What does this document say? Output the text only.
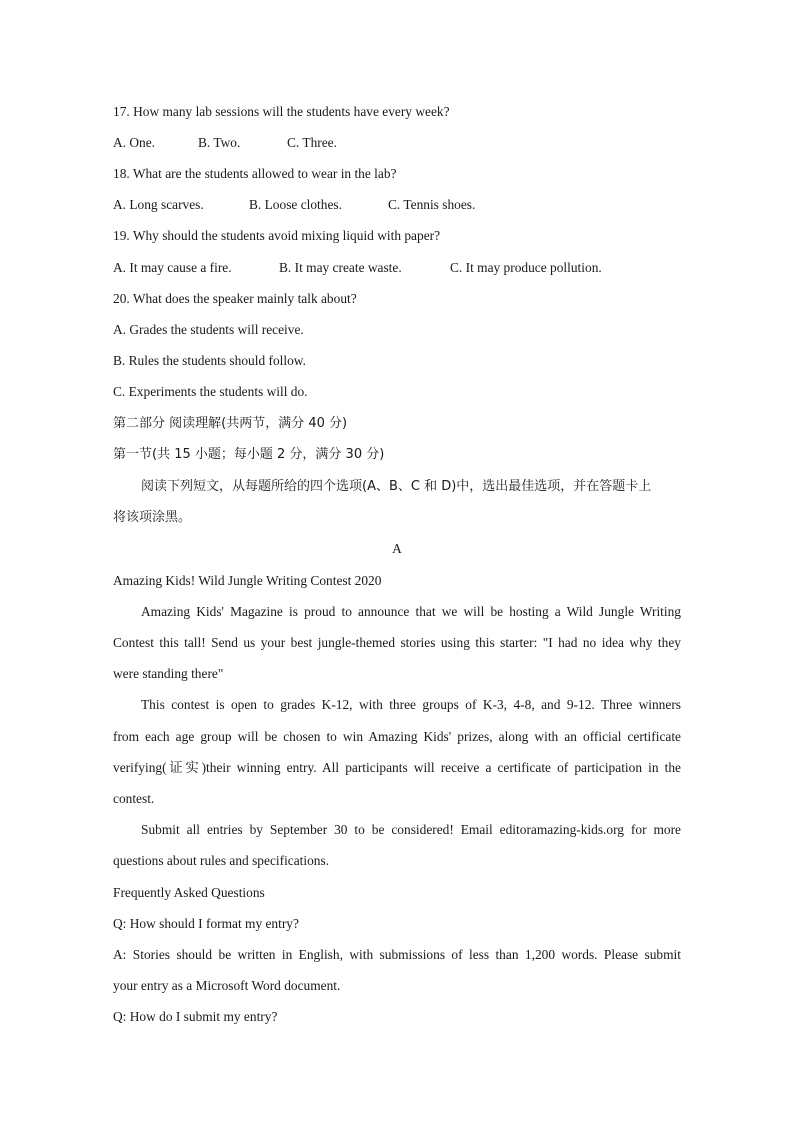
17. How many lab sessions will the students have every week?
A. One.	B. Two.	C. Three.
18. What are the students allowed to wear in the lab?
A. Long scarves.	B. Loose clothes.	C. Tennis shoes.
19. Why should the students avoid mixing liquid with paper?
A. It may cause a fire.	B. It may create waste.	C. It may produce pollution.
20. What does the speaker mainly talk about?
A. Grades the students will receive.
B. Rules the students should follow.
C. Experiments the students will do.
第二部分 阅读理解(共两节，满分 40 分)
第一节(共 15 小题；每小题 2 分，满分 30 分)
阅读下列短文，从每题所给的四个选项(A、B、C 和 D)中，选出最佳选项，并在答题卡上
将该项涂黑。
A
Amazing Kids! Wild Jungle Writing Contest 2020
Amazing Kids' Magazine is proud to announce that we will be hosting a Wild Jungle Writing
Contest this tall! Send us your best jungle-themed stories using this starter: "I had no idea why they
were standing there"
This contest is open to grades K-12, with three groups of K-3, 4-8, and 9-12. Three winners
from each age group will be chosen to win Amazing Kids' prizes, along with an official certificate
verifying(证实)their winning entry. All participants will receive a certificate of participation in the
contest.
Submit all entries by September 30 to be considered! Email editoramazing-kids.org for more
questions about rules and specifications.
Frequently Asked Questions
Q: How should I format my entry?
A: Stories should be written in English, with submissions of less than 1,200 words. Please submit
your entry as a Microsoft Word document.
Q: How do I submit my entry?
